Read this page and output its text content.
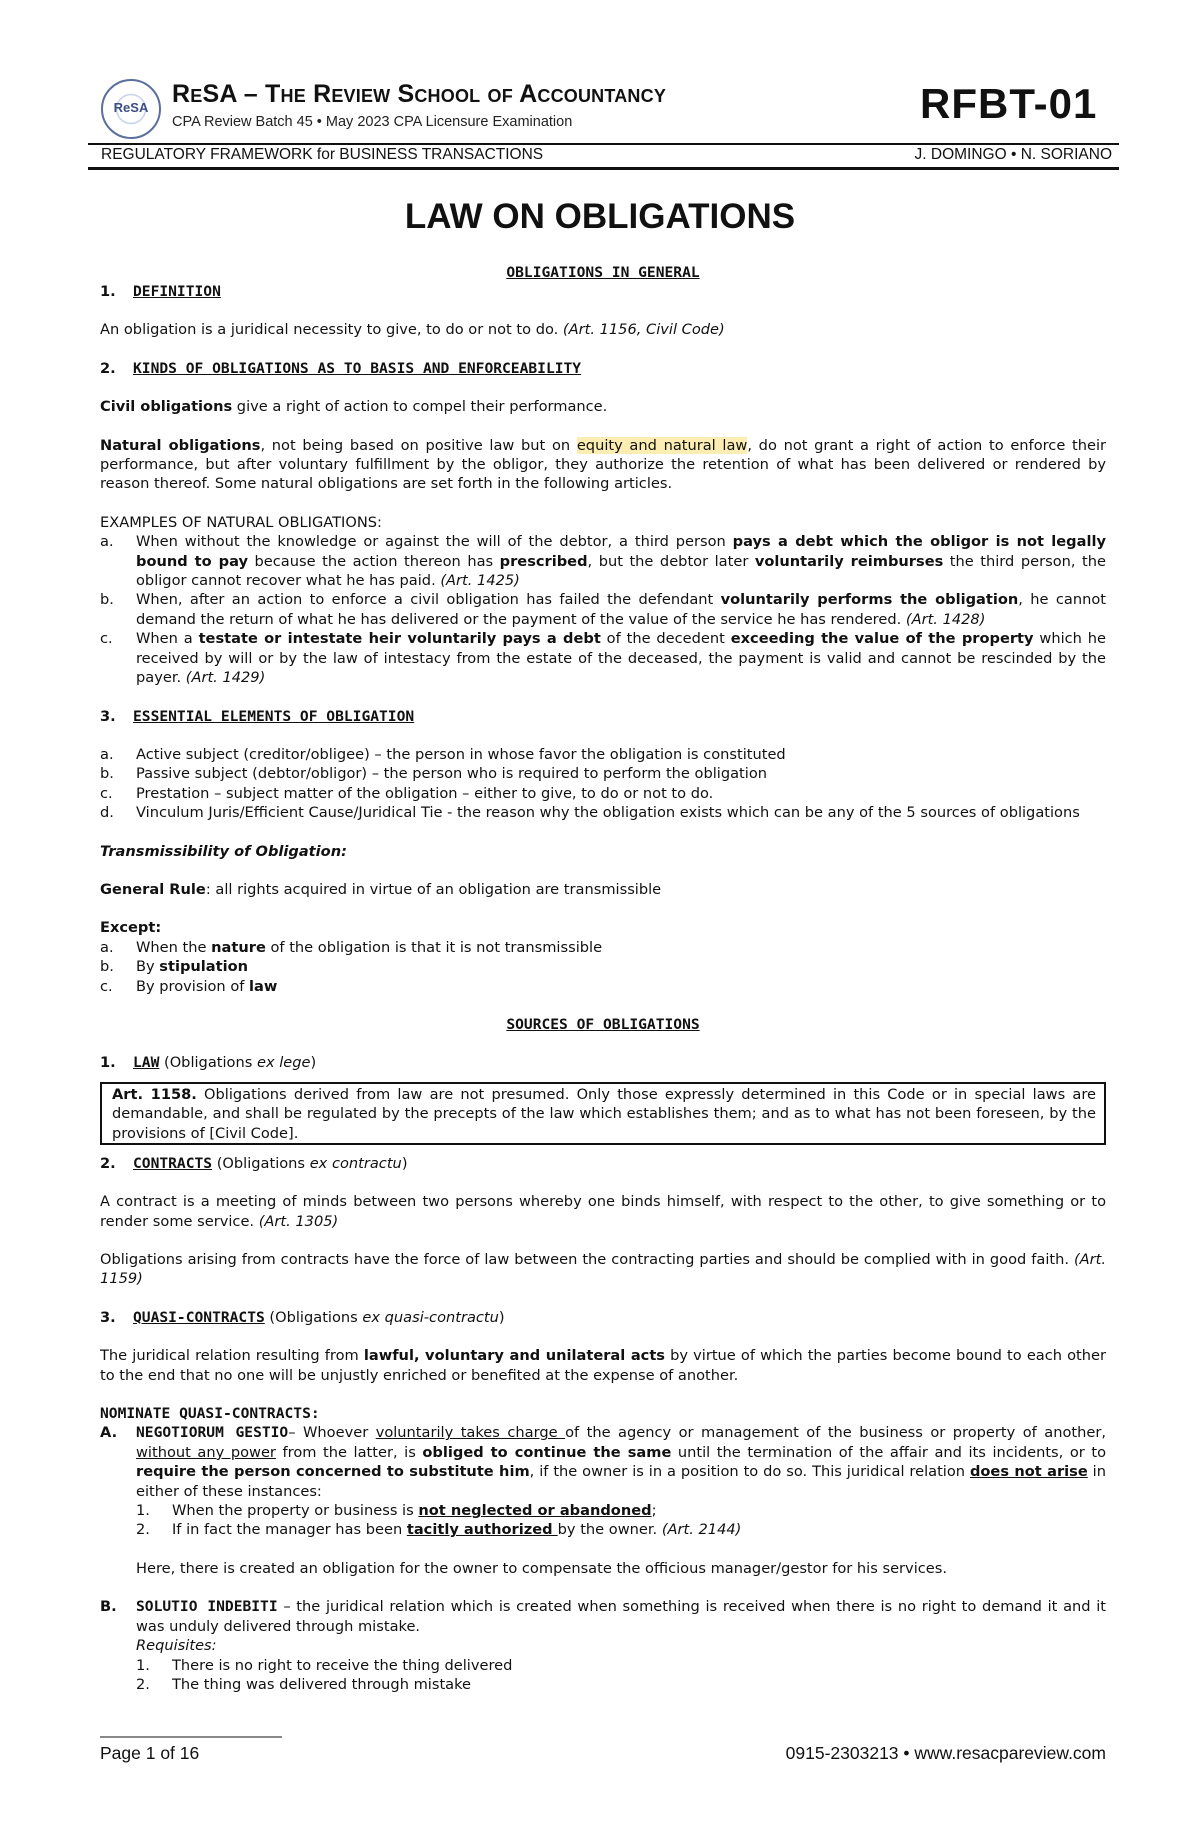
ReSA ReSA – The Review School of Accountancy
CPA Review Batch 45 • May 2023 CPA Licensure Examination	RFBT-01
REGULATORY FRAMEWORK for BUSINESS TRANSACTIONS	J. DOMINGO • N. SORIANO
LAW ON OBLIGATIONS
OBLIGATIONS IN GENERAL
1. DEFINITION
An obligation is a juridical necessity to give, to do or not to do. (Art. 1156, Civil Code)
2. KINDS OF OBLIGATIONS AS TO BASIS AND ENFORCEABILITY
Civil obligations give a right of action to compel their performance.
Natural obligations, not being based on positive law but on equity and natural law, do not grant a right of action to enforce their performance, but after voluntary fulfillment by the obligor, they authorize the retention of what has been delivered or rendered by reason thereof. Some natural obligations are set forth in the following articles.
EXAMPLES OF NATURAL OBLIGATIONS:
a. When without the knowledge or against the will of the debtor, a third person pays a debt which the obligor is not legally bound to pay because the action thereon has prescribed, but the debtor later voluntarily reimburses the third person, the obligor cannot recover what he has paid. (Art. 1425)
b. When, after an action to enforce a civil obligation has failed the defendant voluntarily performs the obligation, he cannot demand the return of what he has delivered or the payment of the value of the service he has rendered. (Art. 1428)
c. When a testate or intestate heir voluntarily pays a debt of the decedent exceeding the value of the property which he received by will or by the law of intestacy from the estate of the deceased, the payment is valid and cannot be rescinded by the payer. (Art. 1429)
3. ESSENTIAL ELEMENTS OF OBLIGATION
a. Active subject (creditor/obligee) – the person in whose favor the obligation is constituted
b. Passive subject (debtor/obligor) – the person who is required to perform the obligation
c. Prestation – subject matter of the obligation – either to give, to do or not to do.
d. Vinculum Juris/Efficient Cause/Juridical Tie - the reason why the obligation exists which can be any of the 5 sources of obligations
Transmissibility of Obligation:
General Rule: all rights acquired in virtue of an obligation are transmissible
Except:
a. When the nature of the obligation is that it is not transmissible
b. By stipulation
c. By provision of law
SOURCES OF OBLIGATIONS
1. LAW (Obligations ex lege)
Art. 1158. Obligations derived from law are not presumed. Only those expressly determined in this Code or in special laws are demandable, and shall be regulated by the precepts of the law which establishes them; and as to what has not been foreseen, by the provisions of [Civil Code].
2. CONTRACTS (Obligations ex contractu)
A contract is a meeting of minds between two persons whereby one binds himself, with respect to the other, to give something or to render some service. (Art. 1305)
Obligations arising from contracts have the force of law between the contracting parties and should be complied with in good faith. (Art. 1159)
3. QUASI-CONTRACTS (Obligations ex quasi-contractu)
The juridical relation resulting from lawful, voluntary and unilateral acts by virtue of which the parties become bound to each other to the end that no one will be unjustly enriched or benefited at the expense of another.
NOMINATE QUASI-CONTRACTS:
A. NEGOTIORUM GESTIO– Whoever voluntarily takes charge of the agency or management of the business or property of another, without any power from the latter, is obliged to continue the same until the termination of the affair and its incidents, or to require the person concerned to substitute him, if the owner is in a position to do so. This juridical relation does not arise in either of these instances:
1. When the property or business is not neglected or abandoned;
2. If in fact the manager has been tacitly authorized by the owner. (Art. 2144)
Here, there is created an obligation for the owner to compensate the officious manager/gestor for his services.
B. SOLUTIO INDEBITI – the juridical relation which is created when something is received when there is no right to demand it and it was unduly delivered through mistake.
Requisites:
1. There is no right to receive the thing delivered
2. The thing was delivered through mistake
Page 1 of 16	0915-2303213 • www.resacpareview.com
